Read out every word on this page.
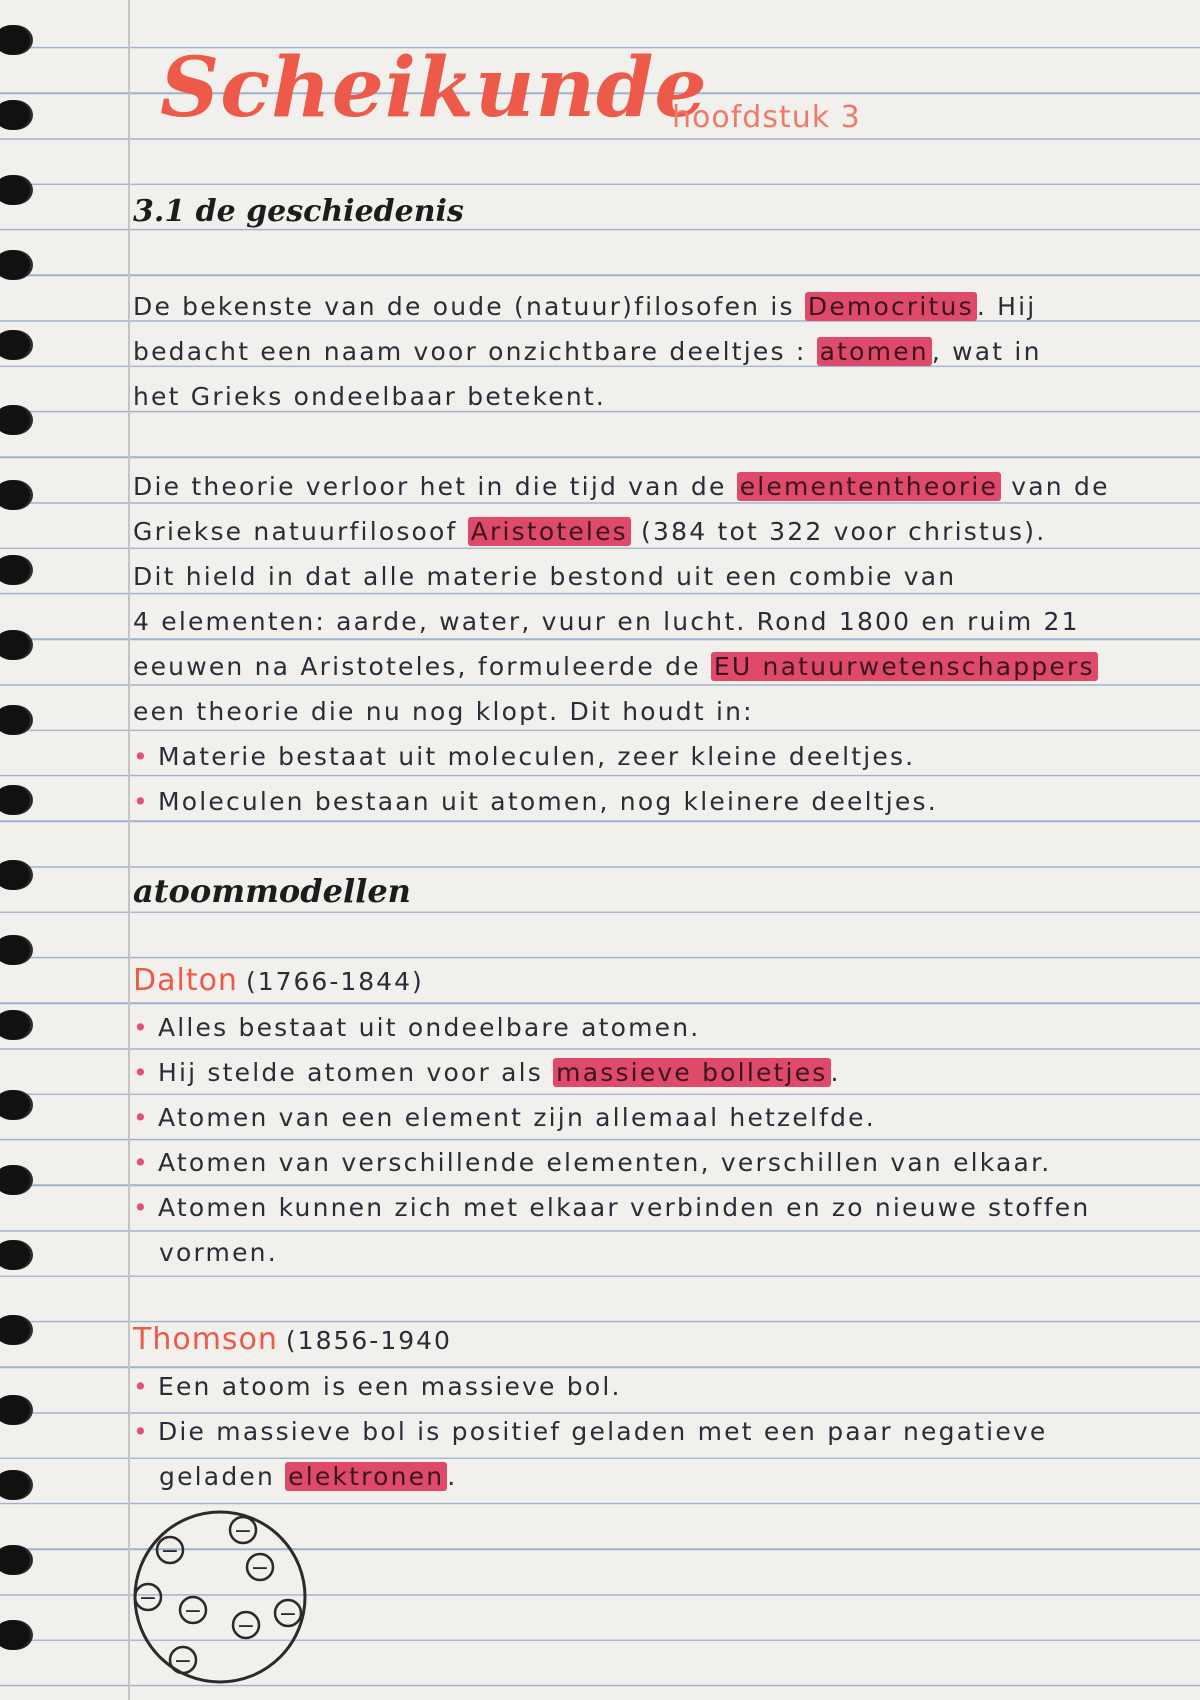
Scheikunde
hoofdstuk 3
3.1 de geschiedenis
De bekenste van de oude (natuur)filosofen is Democritus . Hij
bedacht een naam voor onzichtbare deeltjes : atomen , wat in
het Grieks ondeelbaar betekent.
Die theorie verloor het in die tijd van de elemententheorie van de
Griekse natuurfilosoof Aristoteles (384 tot 322 voor christus).
Dit hield in dat alle materie bestond uit een combie van
4 elementen: aarde, water, vuur en lucht. Rond 1800 en ruim 21
eeuwen na Aristoteles, formuleerde de EU natuurwetenschappers
een theorie die nu nog klopt. Dit houdt in:
• Materie bestaat uit moleculen, zeer kleine deeltjes.
• Moleculen bestaan uit atomen, nog kleinere deeltjes.
atoommodellen
Dalton (1766-1844)
• Alles bestaat uit ondeelbare atomen.
• Hij stelde atomen voor als massieve bolletjes .
• Atomen van een element zijn allemaal hetzelfde.
• Atomen van verschillende elementen, verschillen van elkaar.
• Atomen kunnen zich met elkaar verbinden en zo nieuwe stoffen
vormen.
Thomson (1856-1940
• Een atoom is een massieve bol.
• Die massieve bol is positief geladen met een paar negatieve
geladen elektronen .
−
−
−
−
−	−
−
−
